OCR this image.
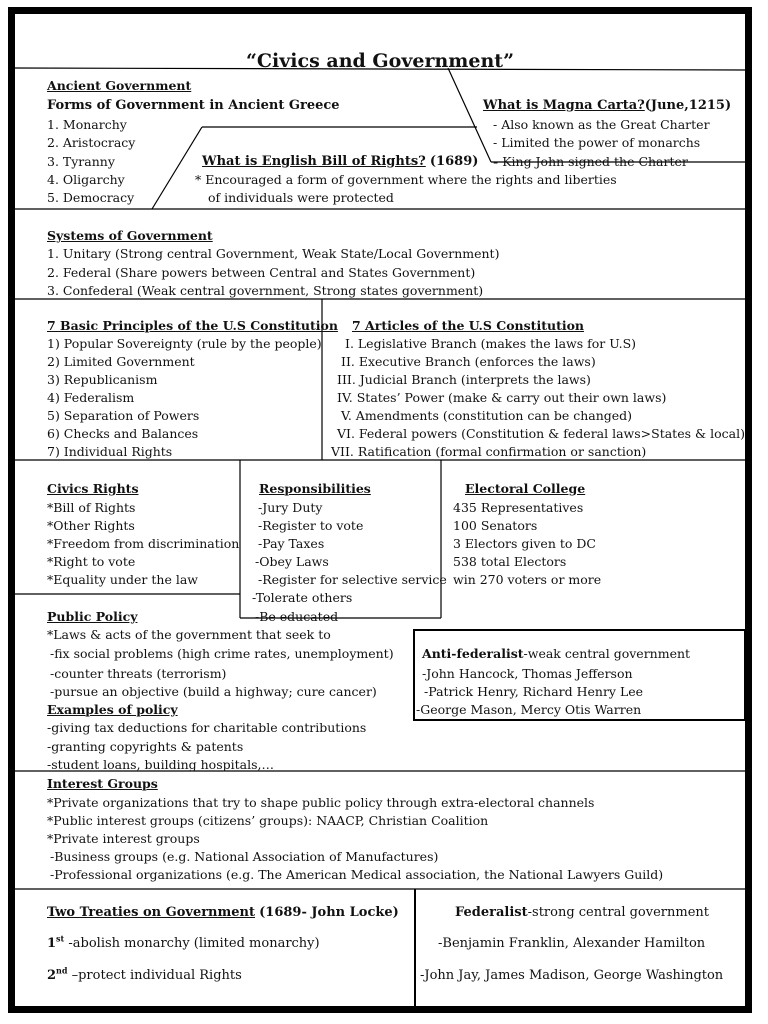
“Civics and Government”
Ancient Government
Forms of Government in Ancient Greece
1. Monarchy
2. Aristocracy
3. Tyranny
4. Oligarchy
5. Democracy
What is Magna Carta?(June,1215)
- Also known as the Great Charter
- Limited the power of monarchs
- King John signed the Charter
What is English Bill of Rights? (1689)
* Encouraged a form of government where the rights and liberties
of individuals were protected
Systems of Government
1. Unitary (Strong central Government, Weak State/Local Government)
2. Federal (Share powers between Central and States Government)
3. Confederal (Weak central government, Strong states government)
7 Basic Principles of the U.S Constitution
1) Popular Sovereignty (rule by the people)
2) Limited Government
3) Republicanism
4) Federalism
5) Separation of Powers
6) Checks and Balances
7) Individual Rights
7 Articles of the U.S Constitution
I. Legislative Branch (makes the laws for U.S)
II. Executive Branch (enforces the laws)
III. Judicial Branch (interprets the laws)
IV. States’ Power (make & carry out their own laws)
V. Amendments (constitution can be changed)
VI. Federal powers (Constitution & federal laws>States & local)
VII. Ratification (formal confirmation or sanction)
Civics Rights
*Bill of Rights
*Other Rights
*Freedom from discrimination
*Right to vote
*Equality under the law
Responsibilities
-Jury Duty
-Register to vote
-Pay Taxes
-Obey Laws
-Register for selective service
-Tolerate others
-Be educated
Electoral College
435 Representatives
100 Senators
3 Electors given to DC
538 total Electors
win 270 voters or more
Public Policy
*Laws & acts of the government that seek to
-fix social problems (high crime rates, unemployment)
-counter threats (terrorism)
-pursue an objective (build a highway; cure cancer)
Examples of policy
-giving tax deductions for charitable contributions
-granting copyrights & patents
-student loans, building hospitals,…
Anti-federalist-weak central government
-John Hancock, Thomas Jefferson
-Patrick Henry, Richard Henry Lee
-George Mason, Mercy Otis Warren
Interest Groups
*Private organizations that try to shape public policy through extra-electoral channels
*Public interest groups (citizens’ groups): NAACP, Christian Coalition
*Private interest groups
-Business groups (e.g. National Association of Manufactures)
-Professional organizations (e.g. The American Medical association, the National Lawyers Guild)
Two Treaties on Government (1689- John Locke)
1st -abolish monarchy (limited monarchy)
2nd –protect individual Rights
Federalist-strong central government
-Benjamin Franklin, Alexander Hamilton
-John Jay, James Madison, George Washington
